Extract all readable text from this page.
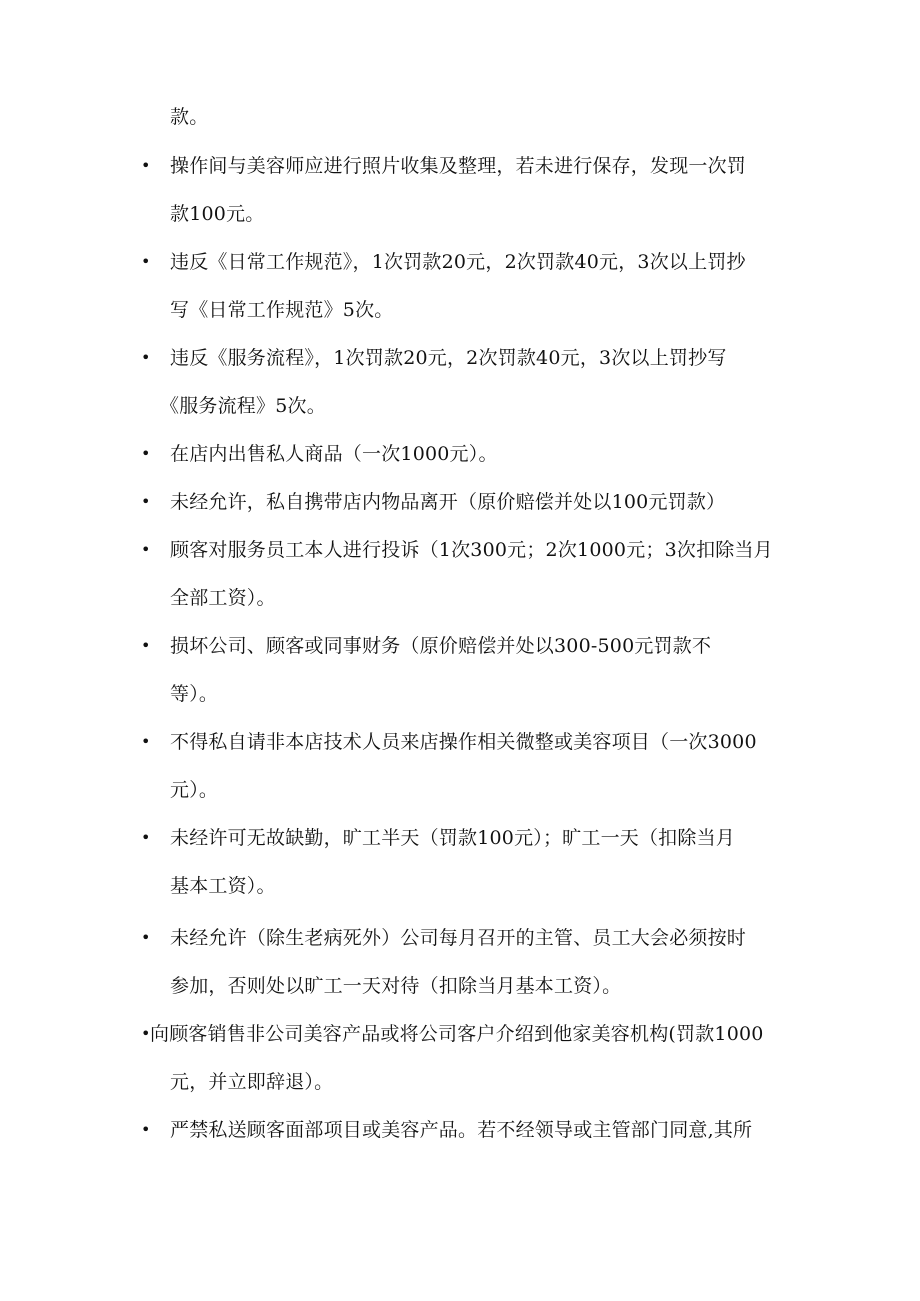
款。
• 操作间与美容师应进行照片收集及整理，若未进行保存，发现一次罚
款100元。
• 违反《日常工作规范》，1次罚款20元，2次罚款40元，3次以上罚抄
写《日常工作规范》5次。
• 违反《服务流程》，1次罚款20元，2次罚款40元，3次以上罚抄写
《服务流程》5次。
• 在店内出售私人商品（一次1000元）。
• 未经允许，私自携带店内物品离开（原价赔偿并处以100元罚款）
• 顾客对服务员工本人进行投诉（1次300元；2次1000元；3次扣除当月
全部工资）。
• 损坏公司、顾客或同事财务（原价赔偿并处以300-500元罚款不
等）。
• 不得私自请非本店技术人员来店操作相关微整或美容项目（一次3000
元）。
• 未经许可无故缺勤，旷工半天（罚款100元）；旷工一天（扣除当月
基本工资）。
• 未经允许（除生老病死外）公司每月召开的主管、员工大会必须按时
参加，否则处以旷工一天对待（扣除当月基本工资）。
• 向顾客销售非公司美容产品或将公司客户介绍到他家美容机构(罚款1000
元，并立即辞退）。
• 严禁私送顾客面部项目或美容产品。若不经领导或主管部门同意,其所
